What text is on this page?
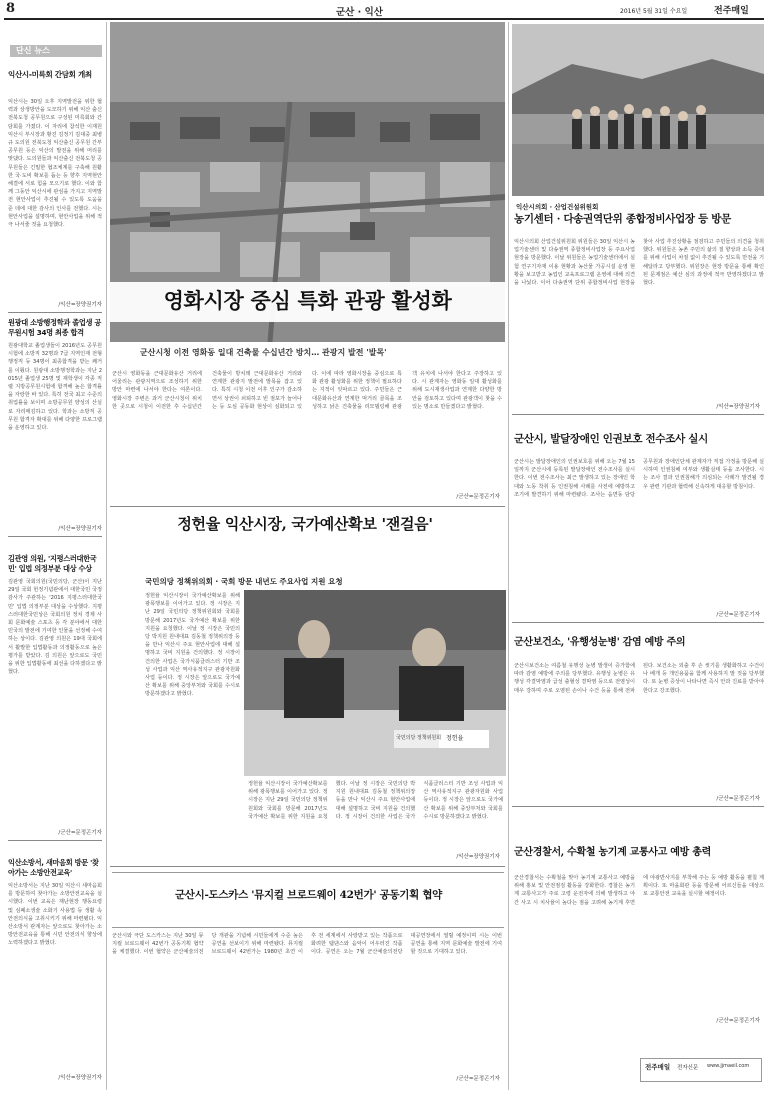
8	군산 · 익산	2016년 5월 31일 수요일	전주매일
단신 뉴스
익산시-미륵회 간담회 개최
익산시는 30일 오후 지역발전을 위한 협력과 상생방안을 도모하기 위해 익산 출신 전북도청 공무원으로 구성된 미륵회와 간담회를 가졌다. 이 자리에 참석한 이재원 익산시 부시장과 황진 김정기 김대중 최병규 도의원 전북도청 익산출신 공무원 간부공무원 등은 익산의 발전을 위해 머리를 맞댔다. 도의원들과 익산출신 전북도청 공무원들은 긴밀한 협조체계를 구축해 원활한 국·도비 확보를 돕는 등 향후 지역현안 해결에 서로 힘을 모으기로 했다. 이와 함께 그동안 익산시에 관심을 가지고 지역발전 현안사업이 추진될 수 있도록 도움을 준 데에 대한 감사의 인사를 전했다. 시는 현안사업을 설명하며, 현안사업을 위해 적극 나서줄 것을 요청했다.
/익산=장양권기자
원광대 소방행정학과 졸업생 공무원시험 34명 최종 합격
원광대학교 졸업생들이 2016년도 공무원시험에 소방직 32명과 7급 지역인재 전형 행정직 등 34명이 최종합격을 받는 쾌거를 이뤘다. 원광대 소방행정학과는 지난 2015년 졸업생 25명 및 재학생이 각종 직렬 지방공무원시험에 합격해 높은 합격률을 자랑한 바 있다. 특히 전국 최고 수준의 취업률을 보이며 소방공무원 양성의 산실로 자리매김하고 있다. 학과는 소방직 공무원 합격자 확대를 위해 다양한 프로그램을 운영하고 있다.
/익산=장양권기자
김관영 의원, '지평스러대한국민' 입법 의정부분 대상 수상
김관영 국회의원(국민의당, 군산)이 지난 29일 국회 헌정기념관에서 대한국민 국정감사가 주관하는 '2016 지평스러대한국민' 입법 의정부분 대상을 수상했다. 지평스러대한국민상은 국회의원 정치 경제 사회 문화예술 스포츠 등 각 분야에서 대한민국의 발전에 기여한 인물을 선정해 수여하는 상이다. 김관영 의원은 19대 국회에서 활발한 입법활동과 의정활동으로 높은 평가를 받았다. 김 의원은 앞으로도 국민을 위한 입법활동에 최선을 다하겠다고 밝혔다.
/군산=문정곤기자
익산소방서, 새마음회 방문 '찾아가는 소방안전교육'
익산소방서는 지난 30일 익산시 새마음회를 방문하여 찾아가는 소방안전교육을 실시했다. 이번 교육은 재난현장 행동요령 및 심폐소생술 소화기 사용법 등 생활 속 안전의식을 고취시키기 위해 마련됐다. 익산소방서 관계자는 앞으로도 찾아가는 소방안전교육을 통해 시민 안전의식 향상에 노력하겠다고 밝혔다.
/익산=장양권기자
영화시장 중심 특화 관광 활성화
군산시청 이전 영화동 일대 건축물 수십년간 방치… 관광지 발전 '발목'
군산시 영화동을 근대문화유산 거리에 어울리는 관광지역으로 조성하기 위한 방안 마련에 나서야 한다는 여론이다. 영화시장 주변은 과거 군산시청이 위치한 곳으로 시청이 이전한 후 수십년간 건축물이 방치돼 근대문화유산 거리와 연계한 관광지 발전에 발목을 잡고 있다. 특히 시청 이전 이후 인구가 감소하면서 상권이 쇠퇴하고 빈 점포가 늘어나는 등 도심 공동화 현상이 심화되고 있다. 이에 따라 영화시장을 중심으로 특화 관광 활성화를 위한 정책이 필요하다는 지적이 잇따르고 있다. 주민들은 근대문화유산과 연계한 먹거리 골목을 조성하고 낡은 건축물을 리모델링해 관광객 유치에 나서야 한다고 주장하고 있다. 시 관계자는 영화동 일대 활성화를 위해 도시재생사업과 연계한 다양한 방안을 검토하고 있다며 관광객이 찾을 수 있는 명소로 만들겠다고 밝혔다.
/군산=문정곤기자
정헌율 익산시장, 국가예산확보 '잰걸음'
국민의당 정책위의회 · 국회 방문 내년도 주요사업 지원 요청
정헌율 익산시장이 국가예산확보를 위해 광폭행보를 이어가고 있다. 정 시장은 지난 29일 국민의당 정책위원회와 국회를 방문해 2017년도 국가예산 확보를 위한 지원을 요청했다. 이날 정 시장은 국민의당 박지원 원내대표 김동철 정책위의장 등을 만나 익산시 주요 현안사업에 대해 설명하고 국비 지원을 건의했다. 정 시장이 건의한 사업은 국가식품클러스터 기반 조성 사업과 익산 역사유적지구 관광자원화 사업 등이다. 정 시장은 앞으로도 국가예산 확보를 위해 중앙부처와 국회를 수시로 방문하겠다고 밝혔다.
국민의당 정책위원회 정헌율
정헌율 익산시장이 국가예산확보를 위해 광폭행보를 이어가고 있다. 정 시장은 지난 29일 국민의당 정책위원회와 국회를 방문해 2017년도 국가예산 확보를 위한 지원을 요청했다. 이날 정 시장은 국민의당 박지원 원내대표 김동철 정책위의장 등을 만나 익산시 주요 현안사업에 대해 설명하고 국비 지원을 건의했다. 정 시장이 건의한 사업은 국가식품클러스터 기반 조성 사업과 익산 역사유적지구 관광자원화 사업 등이다. 정 시장은 앞으로도 국가예산 확보를 위해 중앙부처와 국회를 수시로 방문하겠다고 밝혔다.
/익산=장양권기자
군산시-도스카스 '뮤지컬 브로드웨이 42번가' 공동기획 협약
군산시와 극단 도스카스는 지난 30일 뮤지컬 브로드웨이 42번가 공동기획 협약을 체결했다. 이번 협약은 군산예술의전당 개관을 기념해 시민들에게 수준 높은 공연을 선보이기 위해 마련됐다. 뮤지컬 브로드웨이 42번가는 1980년 초연 이후 전 세계에서 사랑받고 있는 작품으로 화려한 탭댄스와 음악이 어우러진 작품이다. 공연은 오는 7월 군산예술의전당 대공연장에서 열릴 예정이며 시는 이번 공연을 통해 지역 문화예술 발전에 기여할 것으로 기대하고 있다.
/군산=문정곤기자
익산시의회 · 산업건설위원회
농기센터 · 다송권역단위 종합정비사업장 등 방문
익산시의회 산업건설위원회 위원들은 30일 익산시 농업기술센터 및 다송권역 종합정비사업장 등 주요사업 현장을 방문했다. 이날 위원들은 농업기술센터에서 실험 연구기자재 이용 현황과 농산물 가공시설 운영 현황을 보고받고 농업인 교육프로그램 운영에 대해 의견을 나눴다. 이어 다송권역 단위 종합정비사업 현장을 찾아 사업 추진상황을 점검하고 주민들의 의견을 청취했다. 위원들은 농촌 주민의 삶의 질 향상과 소득 증대를 위해 사업이 차질 없이 추진될 수 있도록 만전을 기해달라고 당부했다. 위원장은 현장 방문을 통해 확인된 문제점은 예산 심의 과정에 적극 반영하겠다고 밝혔다.
/익산=장양권기자
군산시, 발달장애인 인권보호 전수조사 실시
군산시는 발달장애인의 인권보호를 위해 오는 7월 15일까지 군산시에 등록된 발달장애인 전수조사를 실시한다. 이번 전수조사는 최근 발생하고 있는 장애인 학대와 노동 착취 등 인권침해 사례를 사전에 예방하고 조기에 발견하기 위해 마련됐다. 조사는 읍면동 담당 공무원과 장애인단체 관계자가 직접 가정을 방문해 실시하며 인권침해 여부와 생활실태 등을 조사한다. 시는 조사 결과 인권침해가 의심되는 사례가 발견될 경우 관련 기관과 협력해 신속하게 대응할 방침이다.
/군산=문정곤기자
군산보건소, '유행성눈병' 감염 예방 주의
군산시보건소는 여름철 유행성 눈병 발생이 증가함에 따라 감염 예방에 주의를 당부했다. 유행성 눈병은 유행성 각결막염과 급성 출혈성 결막염 등으로 전염성이 매우 강하며 주로 오염된 손이나 수건 등을 통해 전파된다. 보건소는 외출 후 손 씻기를 생활화하고 수건이나 베개 등 개인용품을 함께 사용하지 말 것을 당부했다. 또 눈병 증상이 나타나면 즉시 안과 진료를 받아야 한다고 강조했다.
/군산=문정곤기자
군산경찰서, 수확철 농기계 교통사고 예방 총력
군산경찰서는 수확철을 맞아 농기계 교통사고 예방을 위해 홍보 및 안전점검 활동을 강화한다. 경찰은 농기계 교통사고가 주로 고령 운전자에 의해 발생하고 야간 사고 시 치사율이 높다는 점을 고려해 농기계 후면에 야광반사지를 부착해 주는 등 예방 활동을 펼칠 계획이다. 또 마을회관 등을 방문해 어르신들을 대상으로 교통안전 교육을 실시할 예정이다.
/군산=문정곤기자
전주매일 전자신문 www.jjmaeil.com
